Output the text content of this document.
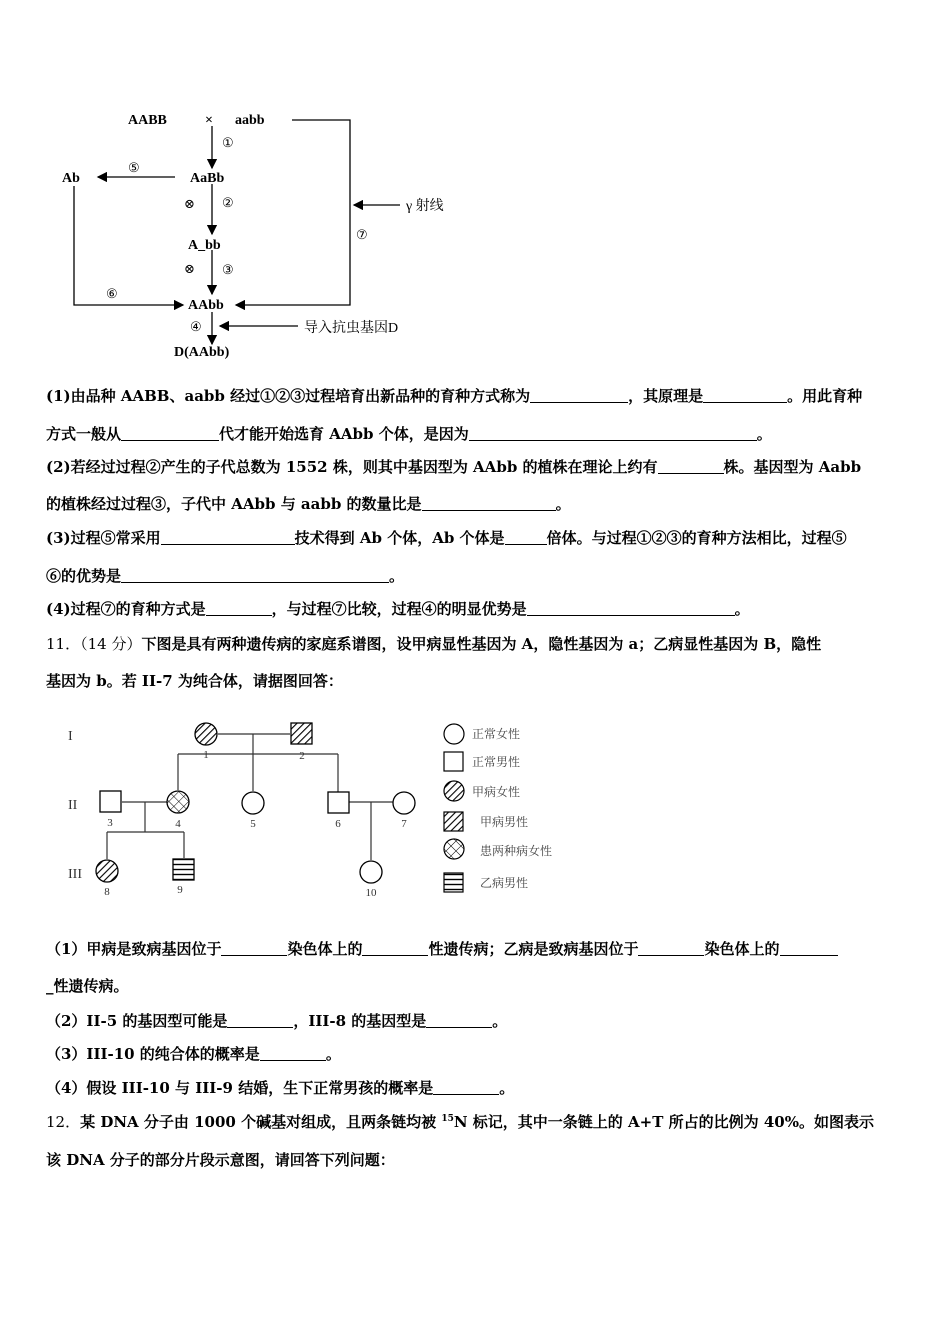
AABB	× aabb
AaBb
Ab
A_bb
AAbb
D(AAbb)
①
⊗ ②
⊗ ③
④
⑤
⑥
⑦
γ 射线
导入抗虫基因D
(1)由品种 AABB、aabb 经过①②③过程培育出新品种的育种方式称为	，其原理是	。用此育种
方式一般从	代才能开始选育 AAbb 个体，是因为	。
(2)若经过过程②产生的子代总数为 1552 株，则其中基因型为 AAbb 的植株在理论上约有	株。基因型为 Aabb
的植株经过过程③，子代中 AAbb 与 aabb 的数量比是	。
(3)过程⑤常采用	技术得到 Ab 个体，Ab 个体是	倍体。与过程①②③的育种方法相比，过程⑤
⑥的优势是	。
(4)过程⑦的育种方式是	，与过程⑦比较，过程④的明显优势是	。
11．（14 分）下图是具有两种遗传病的家庭系谱图，设甲病显性基因为 A，隐性基因为 a；乙病显性基因为 B，隐性
基因为 b。若 II-7 为纯合体，请据图回答：
I
II
III
1	2
3	4	5	6	7
8	9	10
正常女性
正常男性
甲病女性
甲病男性
患两种病女性
乙病男性
（1）甲病是致病基因位于	染色体上的	性遗传病；乙病是致病基因位于	染色体上的
_性遗传病。
（2）II-5 的基因型可能是	，III-8 的基因型是	。
（3）III-10 的纯合体的概率是	。
（4）假设 III-10 与 III-9 结婚，生下正常男孩的概率是	。
12．某 DNA 分子由 1000 个碱基对组成，且两条链均被 $^{15}$N 标记，其中一条链上的 A+T 所占的比例为 40%。如图表示
该 DNA 分子的部分片段示意图，请回答下列问题：
